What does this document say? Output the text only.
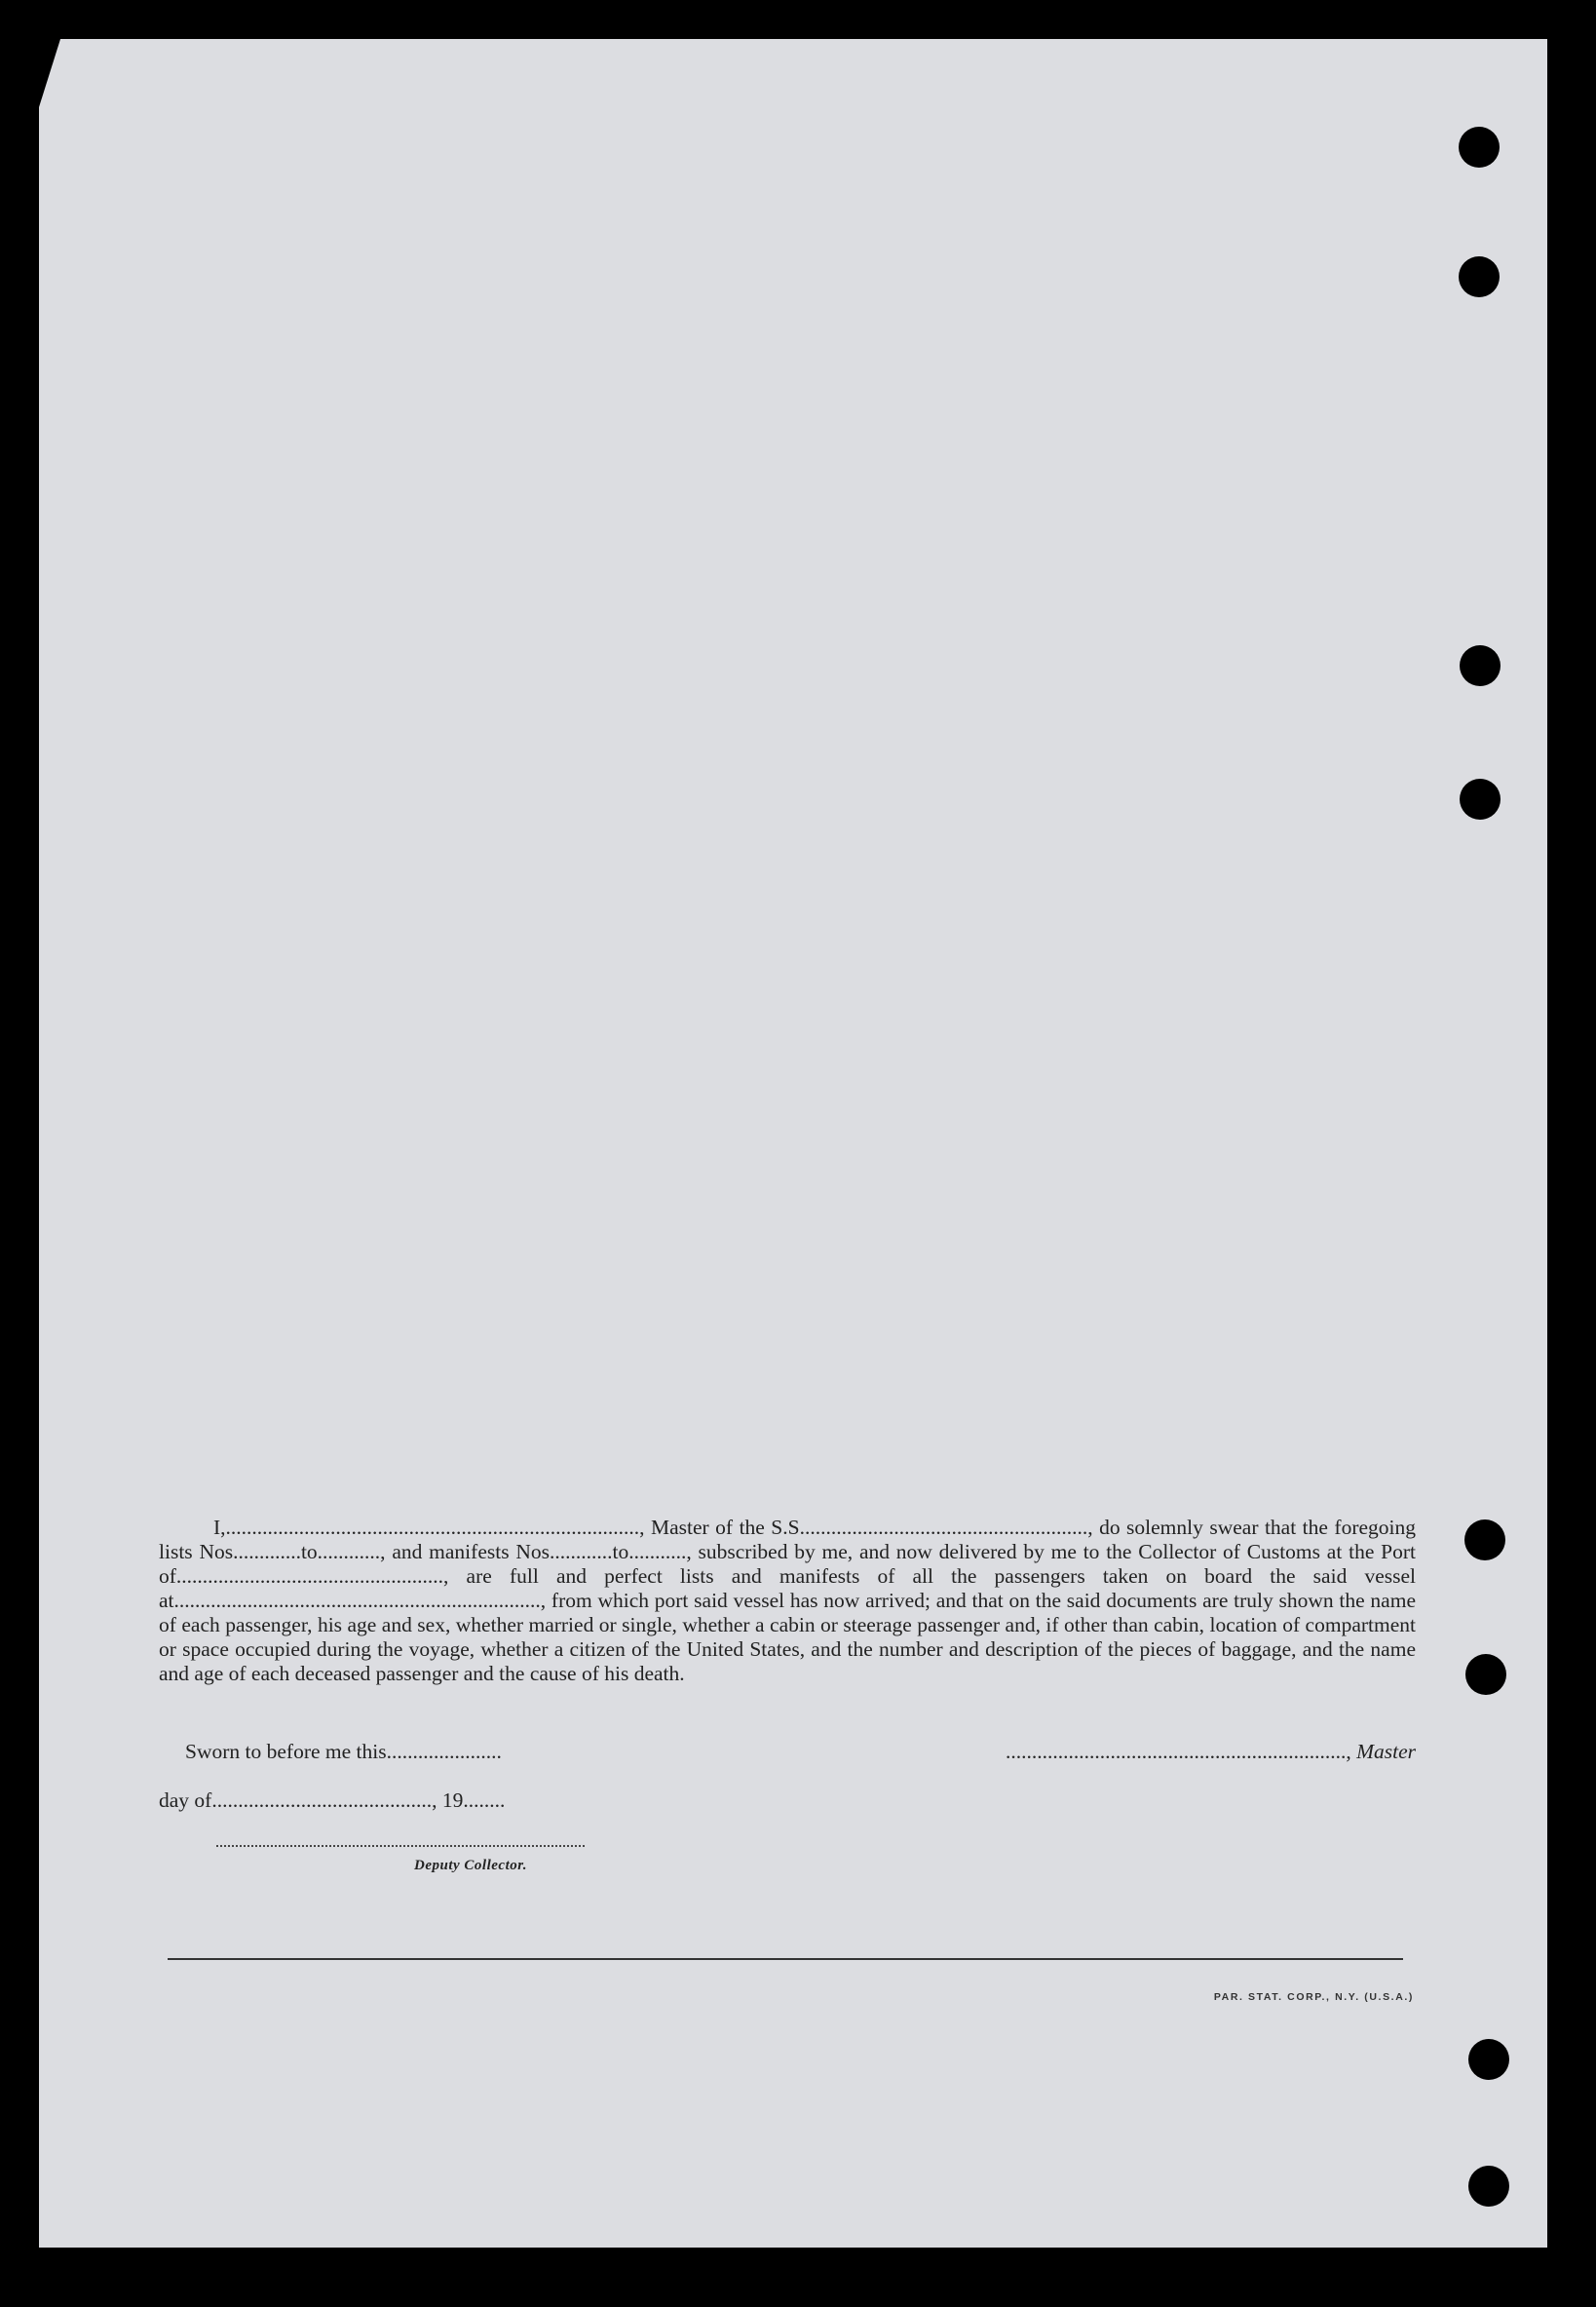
I,..............................................................................., Master of the S.S......................................................., do solemnly swear that the foregoing lists Nos.............to............, and manifests Nos............to..........., subscribed by me, and now delivered by me to the Collector of Customs at the Port of..................................................., are full and perfect lists and manifests of all the passengers taken on board the said vessel at......................................................................, from which port said vessel has now arrived; and that on the said documents are truly shown the name of each passenger, his age and sex, whether married or single, whether a cabin or steerage passenger and, if other than cabin, location of compartment or space occupied during the voyage, whether a citizen of the United States, and the number and description of the pieces of baggage, and the name and age of each deceased passenger and the cause of his death.

Sworn to before me this......................	................................................................., Master
day of.........................................., 19........
Deputy Collector.
PAR. STAT. CORP., N.Y. (U.S.A.)
